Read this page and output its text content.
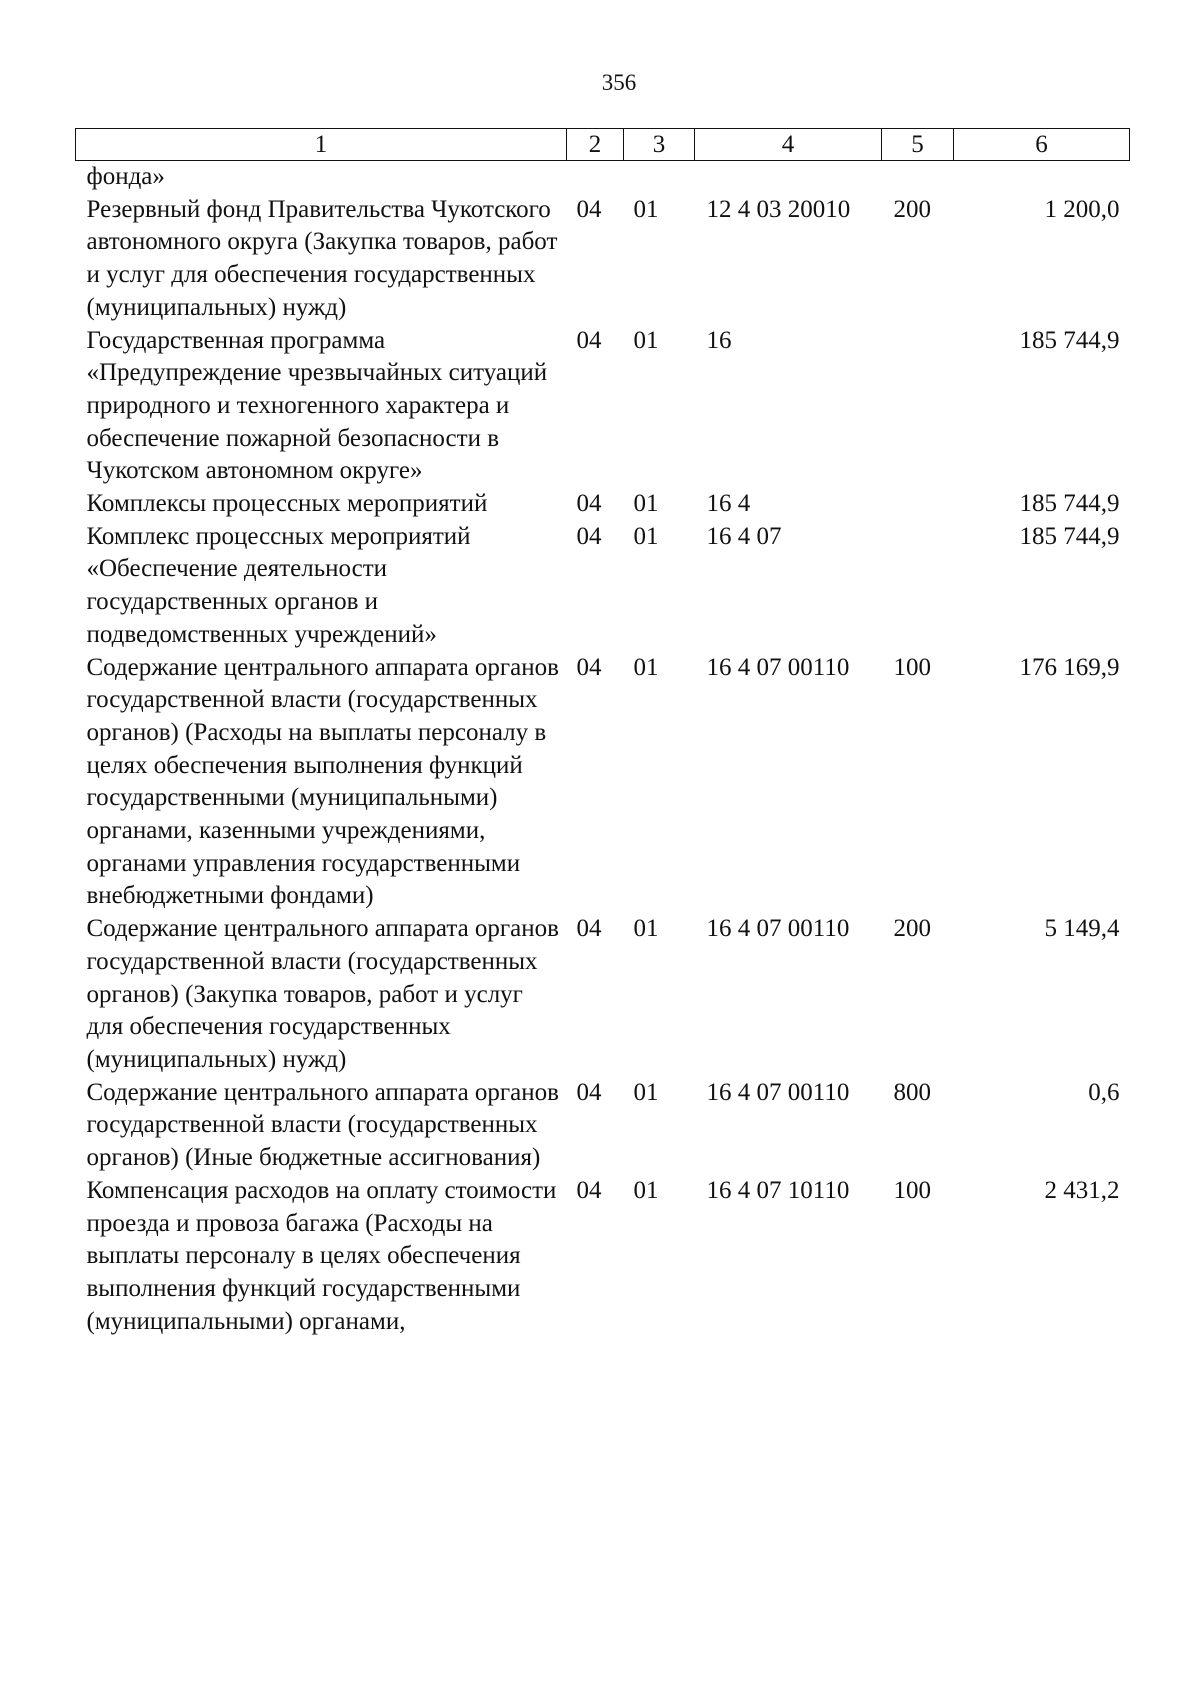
356
1	2	3	4	5	6
фонда»					
Резервный фонд Правительства Чукотского автономного округа (Закупка товаров, работ и услуг для обеспечения государственных (муниципальных) нужд)	04	01	12 4 03 20010	200	1 200,0
Государственная программа «Предупреждение чрезвычайных ситуаций природного и техногенного характера и обеспечение пожарной безопасности в Чукотском автономном округе»	04	01	16		185 744,9
Комплексы процессных мероприятий	04	01	16 4		185 744,9
Комплекс процессных мероприятий «Обеспечение деятельности государственных органов и подведомственных учреждений»	04	01	16 4 07		185 744,9
Содержание центрального аппарата органов государственной власти (государственных органов) (Расходы на выплаты персоналу в целях обеспечения выполнения функций государственными (муниципальными) органами, казенными учреждениями, органами управления государственными внебюджетными фондами)	04	01	16 4 07 00110	100	176 169,9
Содержание центрального аппарата органов государственной власти (государственных органов) (Закупка товаров, работ и услуг для обеспечения государственных (муниципальных) нужд)	04	01	16 4 07 00110	200	5 149,4
Содержание центрального аппарата органов государственной власти (государственных органов) (Иные бюджетные ассигнования)	04	01	16 4 07 00110	800	0,6
Компенсация расходов на оплату стоимости проезда и провоза багажа (Расходы на выплаты персоналу в целях обеспечения выполнения функций государственными (муниципальными) органами,	04	01	16 4 07 10110	100	2 431,2
